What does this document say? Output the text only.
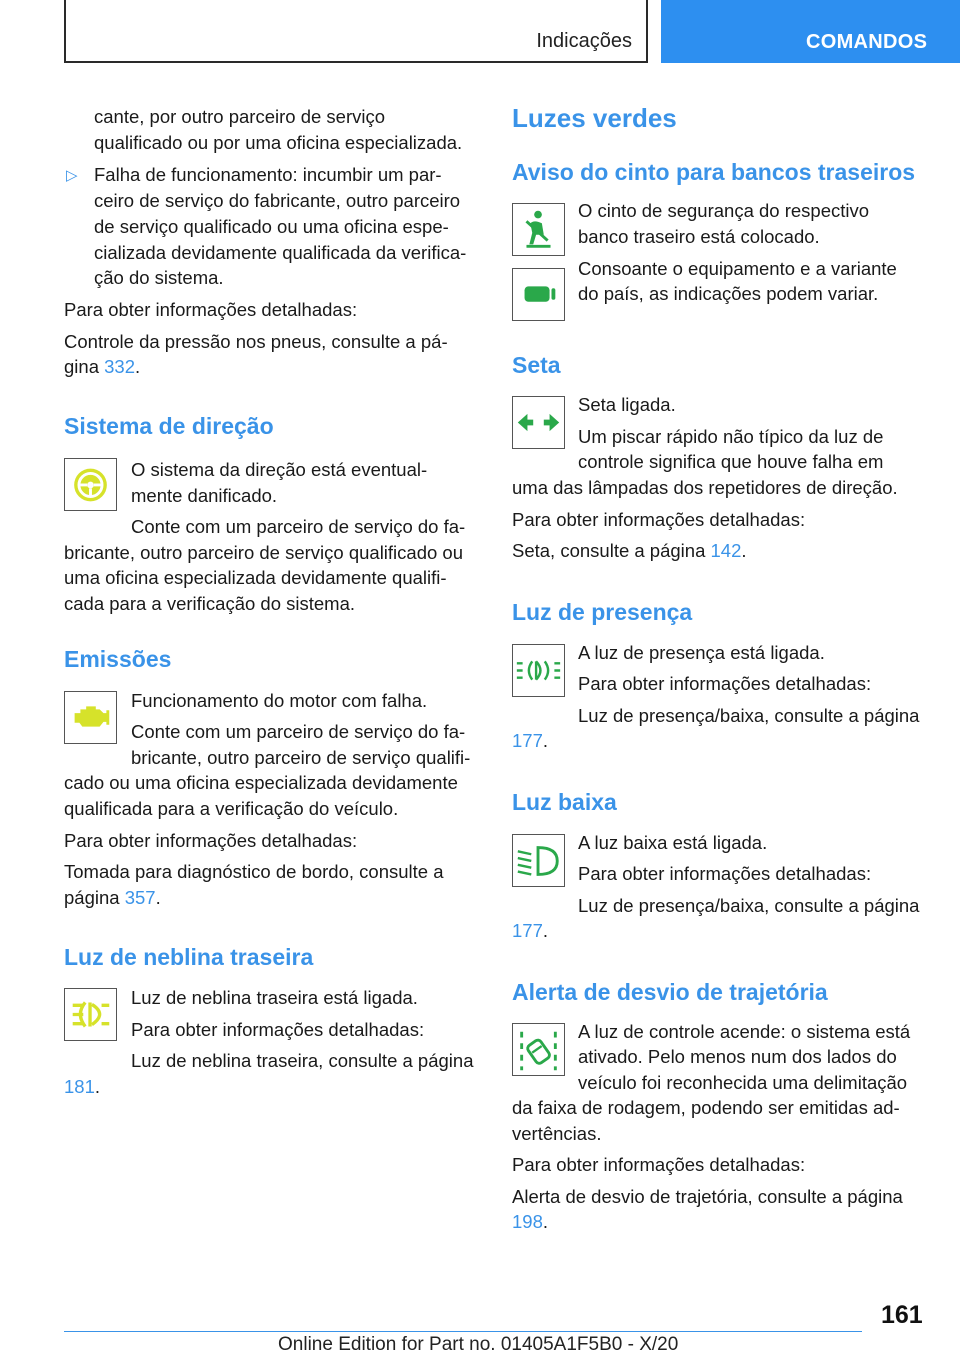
Indicações	COMANDOS

cante, por outro parceiro de serviço

qualificado ou por uma oficina especializada.

▷ Falha de funcionamento: incumbir um par-

ceiro de serviço do fabricante, outro parceiro

de serviço qualificado ou uma oficina espe-

cializada devidamente qualificada da verifica-

ção do sistema.

Para obter informações detalhadas:

Controle da pressão nos pneus, consulte a pá-

gina 332.

Sistema de direção

O sistema da direção está eventual-

mente danificado.

Conte com um parceiro de serviço do fa-

bricante, outro parceiro de serviço qualificado ou

uma oficina especializada devidamente qualifi-

cada para a verificação do sistema.

Emissões

Funcionamento do motor com falha.

Conte com um parceiro de serviço do fa-

bricante, outro parceiro de serviço qualifi-

cado ou uma oficina especializada devidamente

qualificada para a verificação do veículo.

Para obter informações detalhadas:

Tomada para diagnóstico de bordo, consulte a

página 357.

Luz de neblina traseira

Luz de neblina traseira está ligada.

Para obter informações detalhadas:

Luz de neblina traseira, consulte a página

181.

Luzes verdes
Aviso do cinto para bancos traseiros

O cinto de segurança do respectivo

banco traseiro está colocado.

Consoante o equipamento e a variante

do país, as indicações podem variar.

Seta

Seta ligada.

Um piscar rápido não típico da luz de

controle significa que houve falha em

uma das lâmpadas dos repetidores de direção.

Para obter informações detalhadas:

Seta, consulte a página 142.

Luz de presença

A luz de presença está ligada.

Para obter informações detalhadas:

Luz de presença/baixa, consulte a página

177.

Luz baixa

A luz baixa está ligada.

Para obter informações detalhadas:

Luz de presença/baixa, consulte a página

177.

Alerta de desvio de trajetória

A luz de controle acende: o sistema está

ativado. Pelo menos num dos lados do

veículo foi reconhecida uma delimitação

da faixa de rodagem, podendo ser emitidas ad-

vertências.

Para obter informações detalhadas:

Alerta de desvio de trajetória, consulte a página

198.

161
Online Edition for Part no. 01405A1F5B0 - X/20
